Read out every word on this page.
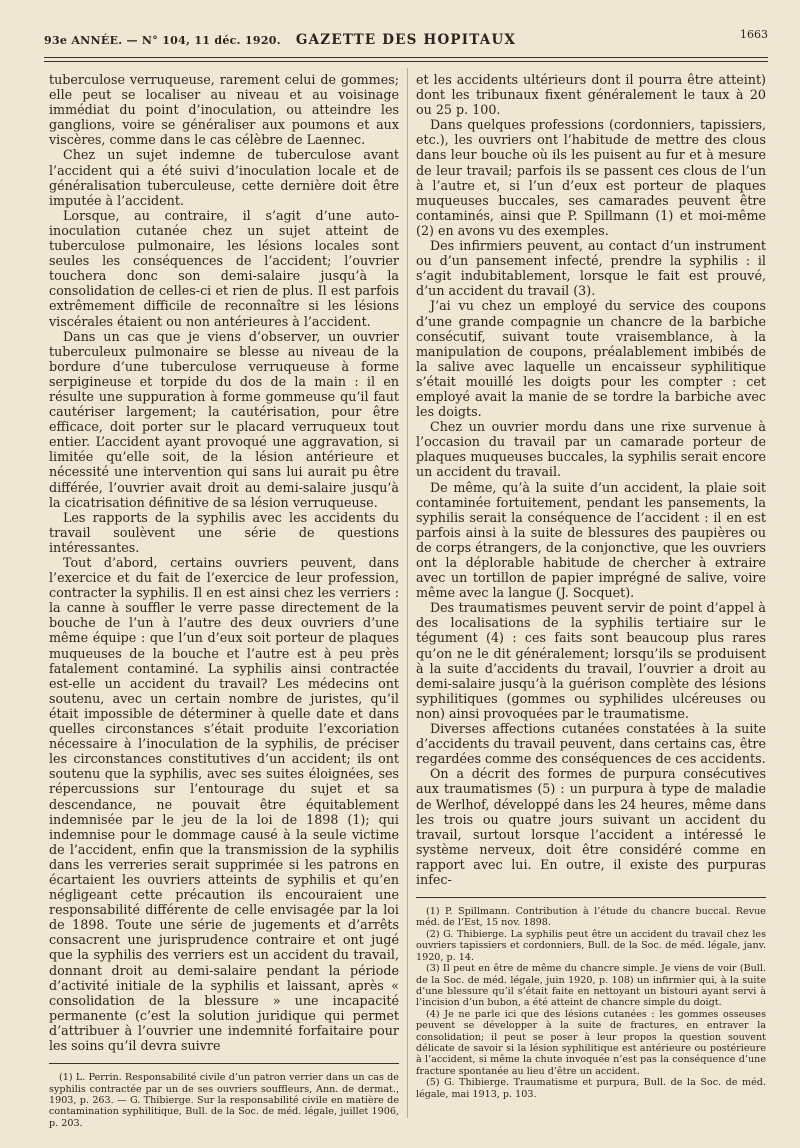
93e ANNÉE. — N° 104, 11 déc. 1920.	GAZETTE DES HOPITAUX	1663

tuberculose verruqueuse, rarement celui de gommes; elle peut se localiser au niveau et au voisinage immédiat du point d’inoculation, ou atteindre les ganglions, voire se généraliser aux poumons et aux viscères, comme dans le cas célèbre de Laennec.

Chez un sujet indemne de tuberculose avant l’accident qui a été suivi d’inoculation locale et de généralisation tuberculeuse, cette dernière doit être imputée à l’accident.

Lorsque, au contraire, il s’agit d’une auto-inoculation cutanée chez un sujet atteint de tuberculose pulmonaire, les lésions locales sont seules les conséquences de l’accident; l’ouvrier touchera donc son demi-salaire jusqu’à la consolidation de celles-ci et rien de plus. Il est parfois extrêmement difficile de reconnaître si les lésions viscérales étaient ou non antérieures à l’accident.

Dans un cas que je viens d’observer, un ouvrier tuberculeux pulmonaire se blesse au niveau de la bordure d’une tuberculose verruqueuse à forme serpigineuse et torpide du dos de la main : il en résulte une suppuration à forme gommeuse qu’il faut cautériser largement; la cautérisation, pour être efficace, doit porter sur le placard verruqueux tout entier. L’accident ayant provoqué une aggravation, si limitée qu’elle soit, de la lésion antérieure et nécessité une intervention qui sans lui aurait pu être différée, l’ouvrier avait droit au demi-salaire jusqu’à la cicatrisation définitive de sa lésion verruqueuse.

Les rapports de la syphilis avec les accidents du travail soulèvent une série de questions intéressantes.

Tout d’abord, certains ouvriers peuvent, dans l’exercice et du fait de l’exercice de leur profession, contracter la syphilis. Il en est ainsi chez les verriers : la canne à souffler le verre passe directement de la bouche de l’un à l’autre des deux ouvriers d’une même équipe : que l’un d’eux soit porteur de plaques muqueuses de la bouche et l’autre est à peu près fatalement contaminé. La syphilis ainsi contractée est-elle un accident du travail? Les médecins ont soutenu, avec un certain nombre de juristes, qu’il était impossible de déterminer à quelle date et dans quelles circonstances s’était produite l’excoriation nécessaire à l’inoculation de la syphilis, de préciser les circonstances constitutives d’un accident; ils ont soutenu que la syphilis, avec ses suites éloignées, ses répercussions sur l’entourage du sujet et sa descendance, ne pouvait être équitablement indemnisée par le jeu de la loi de 1898 (1); qui indemnise pour le dommage causé à la seule victime de l’accident, enfin que la transmission de la syphilis dans les verreries serait supprimée si les patrons en écartaient les ouvriers atteints de syphilis et qu’en négligeant cette précaution ils encouraient une responsabilité différente de celle envisagée par la loi de 1898. Toute une série de jugements et d’arrêts consacrent une jurisprudence contraire et ont jugé que la syphilis des verriers est un accident du travail, donnant droit au demi-salaire pendant la période d’activité initiale de la syphilis et laissant, après « consolidation de la blessure » une incapacité permanente (c’est la solution juridique qui permet d’attribuer à l’ouvrier une indemnité forfaitaire pour les soins qu’il devra suivre

(1) L. Perrin. Responsabilité civile d’un patron verrier dans un cas de syphilis contractée par un de ses ouvriers souffleurs, Ann. de dermat., 1903, p. 263. — G. Thibierge. Sur la responsabilité civile en matière de contamination syphilitique, Bull. de la Soc. de méd. légale, juillet 1906, p. 203.

et les accidents ultérieurs dont il pourra être atteint) dont les tribunaux fixent généralement le taux à 20 ou 25 p. 100.

Dans quelques professions (cordonniers, tapissiers, etc.), les ouvriers ont l’habitude de mettre des clous dans leur bouche où ils les puisent au fur et à mesure de leur travail; parfois ils se passent ces clous de l’un à l’autre et, si l’un d’eux est porteur de plaques muqueuses buccales, ses camarades peuvent être contaminés, ainsi que P. Spillmann (1) et moi-même (2) en avons vu des exemples.

Des infirmiers peuvent, au contact d’un instrument ou d’un pansement infecté, prendre la syphilis : il s’agit indubitablement, lorsque le fait est prouvé, d’un accident du travail (3).

J’ai vu chez un employé du service des coupons d’une grande compagnie un chancre de la barbiche consécutif, suivant toute vraisemblance, à la manipulation de coupons, préalablement imbibés de la salive avec laquelle un encaisseur syphilitique s’était mouillé les doigts pour les compter : cet employé avait la manie de se tordre la barbiche avec les doigts.

Chez un ouvrier mordu dans une rixe survenue à l’occasion du travail par un camarade porteur de plaques muqueuses buccales, la syphilis serait encore un accident du travail.

De même, qu’à la suite d’un accident, la plaie soit contaminée fortuitement, pendant les pansements, la syphilis serait la conséquence de l’accident : il en est parfois ainsi à la suite de blessures des paupières ou de corps étrangers, de la conjonctive, que les ouvriers ont la déplorable habitude de chercher à extraire avec un tortillon de papier imprégné de salive, voire même avec la langue (J. Socquet).

Des traumatismes peuvent servir de point d’appel à des localisations de la syphilis tertiaire sur le tégument (4) : ces faits sont beaucoup plus rares qu’on ne le dit généralement; lorsqu’ils se produisent à la suite d’accidents du travail, l’ouvrier a droit au demi-salaire jusqu’à la guérison complète des lésions syphilitiques (gommes ou syphilides ulcéreuses ou non) ainsi provoquées par le traumatisme.

Diverses affections cutanées constatées à la suite d’accidents du travail peuvent, dans certains cas, être regardées comme des conséquences de ces accidents.

On a décrit des formes de purpura consécutives aux traumatismes (5) : un purpura à type de maladie de Werlhof, développé dans les 24 heures, même dans les trois ou quatre jours suivant un accident du travail, surtout lorsque l’accident a intéressé le système nerveux, doit être considéré comme en rapport avec lui. En outre, il existe des purpuras infec-

(1) P. Spillmann. Contribution à l’étude du chancre buccal. Revue méd. de l’Est, 15 nov. 1898.

(2) G. Thibierge. La syphilis peut être un accident du travail chez les ouvriers tapissiers et cordonniers, Bull. de la Soc. de méd. légale, janv. 1920, p. 14.

(3) Il peut en être de même du chancre simple. Je viens de voir (Bull. de la Soc. de méd. légale, juin 1920, p. 108) un infirmier qui, à la suite d’une blessure qu’il s’était faite en nettoyant un bistouri ayant servi à l’incision d’un bubon, a été atteint de chancre simple du doigt.

(4) Je ne parle ici que des lésions cutanées : les gommes osseuses peuvent se développer à la suite de fractures, en entraver la consolidation; il peut se poser à leur propos la question souvent délicate de savoir si la lésion syphilitique est antérieure ou postérieure à l’accident, si même la chute invoquée n’est pas la conséquence d’une fracture spontanée au lieu d’être un accident.

(5) G. Thibierge. Traumatisme et purpura, Bull. de la Soc. de méd. légale, mai 1913, p. 103.
